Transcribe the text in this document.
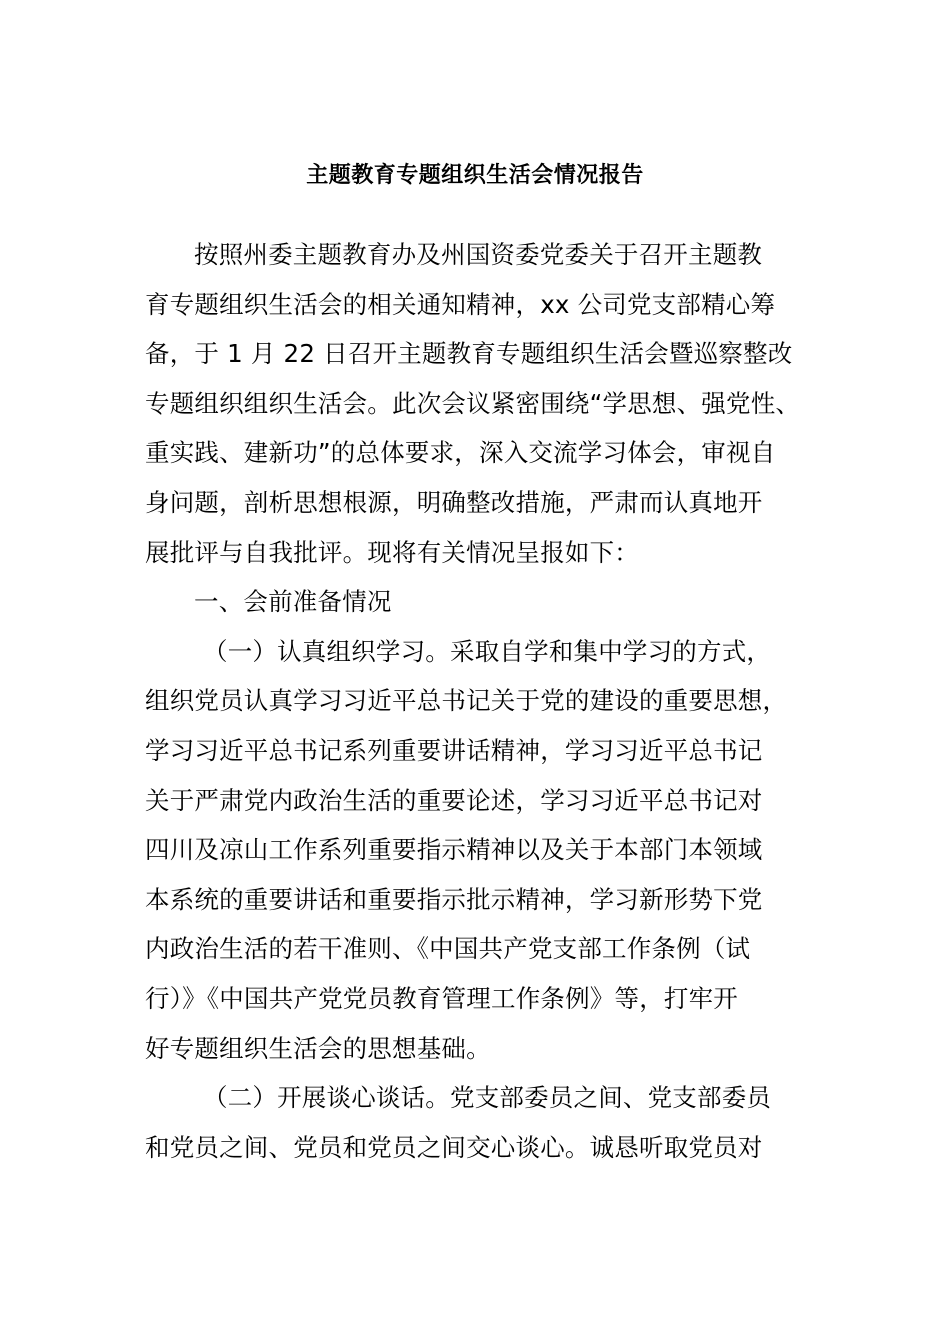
主题教育专题组织生活会情况报告
按照州委主题教育办及州国资委党委关于召开主题教
育专题组织生活会的相关通知精神，xx 公司党支部精心筹
备，于 1 月 22 日召开主题教育专题组织生活会暨巡察整改
专题组织组织生活会。此次会议紧密围绕“学思想、强党性、
重实践、建新功”的总体要求，深入交流学习体会，审视自
身问题，剖析思想根源，明确整改措施，严肃而认真地开
展批评与自我批评。现将有关情况呈报如下：
一、会前准备情况
（一）认真组织学习。采取自学和集中学习的方式，
组织党员认真学习习近平总书记关于党的建设的重要思想，
学习习近平总书记系列重要讲话精神，学习习近平总书记
关于严肃党内政治生活的重要论述，学习习近平总书记对
四川及凉山工作系列重要指示精神以及关于本部门本领域
本系统的重要讲话和重要指示批示精神，学习新形势下党
内政治生活的若干准则、《中国共产党支部工作条例（试
行）》《中国共产党党员教育管理工作条例》等，打牢开
好专题组织生活会的思想基础。
（二）开展谈心谈话。党支部委员之间、党支部委员
和党员之间、党员和党员之间交心谈心。诚恳听取党员对
